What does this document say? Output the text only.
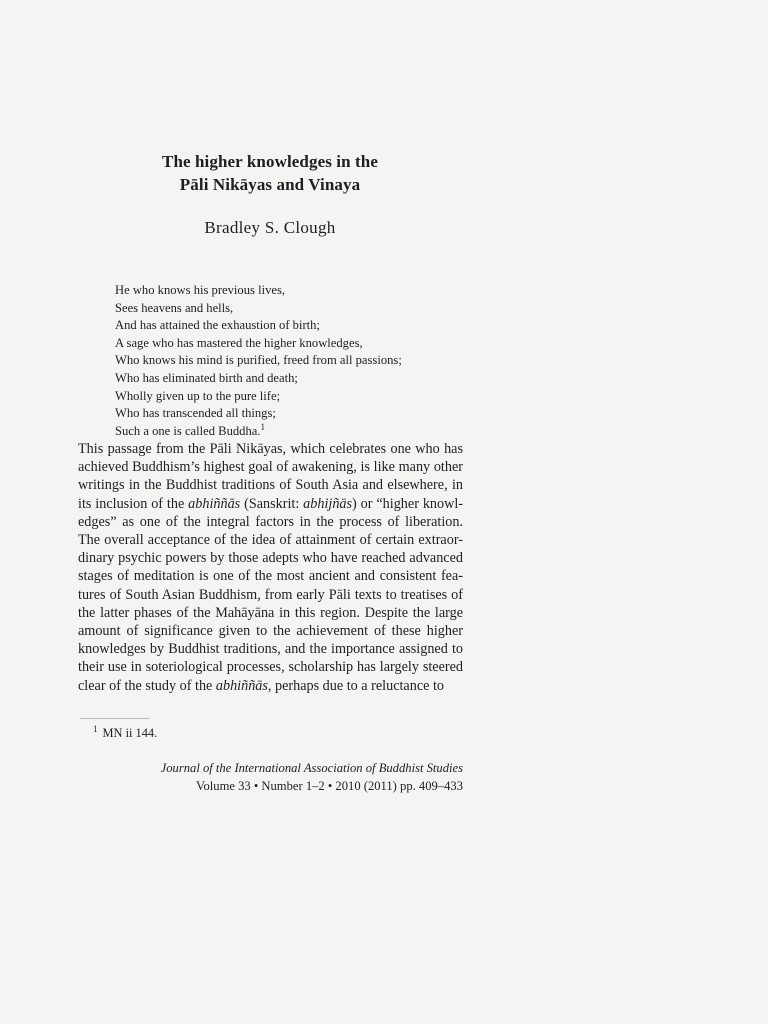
The higher knowledges in the
Pāli Nikāyas and Vinaya
Bradley S. Clough
He who knows his previous lives,
Sees heavens and hells,
And has attained the exhaustion of birth;
A sage who has mastered the higher knowledges,
Who knows his mind is purified, freed from all passions;
Who has eliminated birth and death;
Wholly given up to the pure life;
Who has transcended all things;
Such a one is called Buddha.$^1$
This passage from the Pāli Nikāyas, which celebrates one who has
achieved Buddhism’s highest goal of awakening, is like many other
writings in the Buddhist traditions of South Asia and elsewhere, in
its inclusion of the abhiññās (Sanskrit: abhijñās) or “higher knowl-
edges” as one of the integral factors in the process of liberation.
The overall acceptance of the idea of attainment of certain extraor-
dinary psychic powers by those adepts who have reached advanced
stages of meditation is one of the most ancient and consistent fea-
tures of South Asian Buddhism, from early Pāli texts to treatises of
the latter phases of the Mahāyāna in this region. Despite the large
amount of significance given to the achievement of these higher
knowledges by Buddhist traditions, and the importance assigned to
their use in soteriological processes, scholarship has largely steered
clear of the study of the abhiññās, perhaps due to a reluctance to
$^1$ MN ii 144.
Journal of the International Association of Buddhist Studies
Volume 33 • Number 1–2 • 2010 (2011) pp. 409–433
